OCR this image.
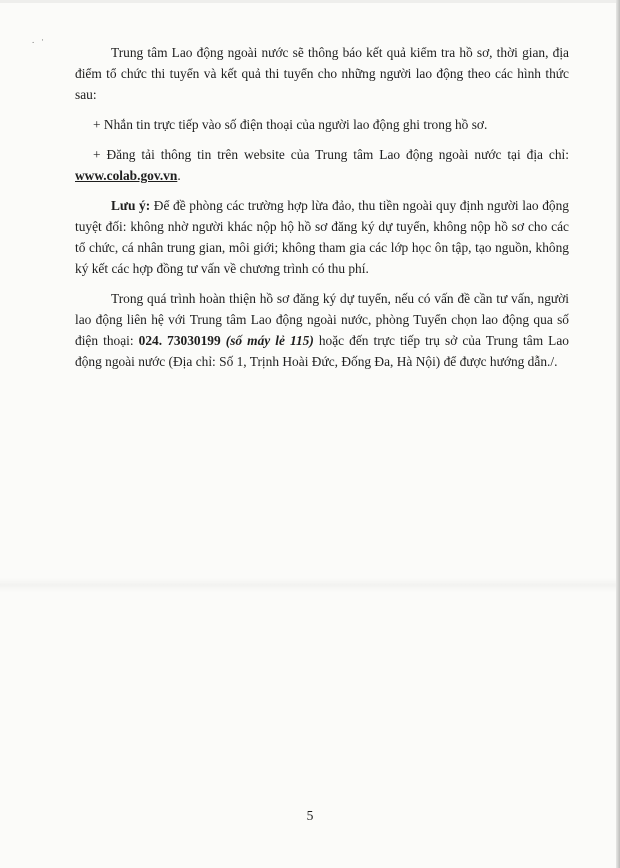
.   ·

Trung tâm Lao động ngoài nước sẽ thông báo kết quả kiểm tra hồ sơ, thời gian, địa điểm tổ chức thi tuyển và kết quả thi tuyển cho những người lao động theo các hình thức sau:

+ Nhắn tin trực tiếp vào số điện thoại của người lao động ghi trong hồ sơ.

+ Đăng tải thông tin trên website của Trung tâm Lao động ngoài nước tại địa chỉ: www.colab.gov.vn.

Lưu ý: Để đề phòng các trường hợp lừa đảo, thu tiền ngoài quy định người lao động tuyệt đối: không nhờ người khác nộp hộ hồ sơ đăng ký dự tuyển, không nộp hồ sơ cho các tổ chức, cá nhân trung gian, môi giới; không tham gia các lớp học ôn tập, tạo nguồn, không ký kết các hợp đồng tư vấn về chương trình có thu phí.

Trong quá trình hoàn thiện hồ sơ đăng ký dự tuyển, nếu có vấn đề cần tư vấn, người lao động liên hệ với Trung tâm Lao động ngoài nước, phòng Tuyển chọn lao động qua số điện thoại: 024. 73030199 (số máy lẻ 115) hoặc đến trực tiếp trụ sở của Trung tâm Lao động ngoài nước (Địa chỉ: Số 1, Trịnh Hoài Đức, Đống Đa, Hà Nội) để được hướng dẫn./.

5
